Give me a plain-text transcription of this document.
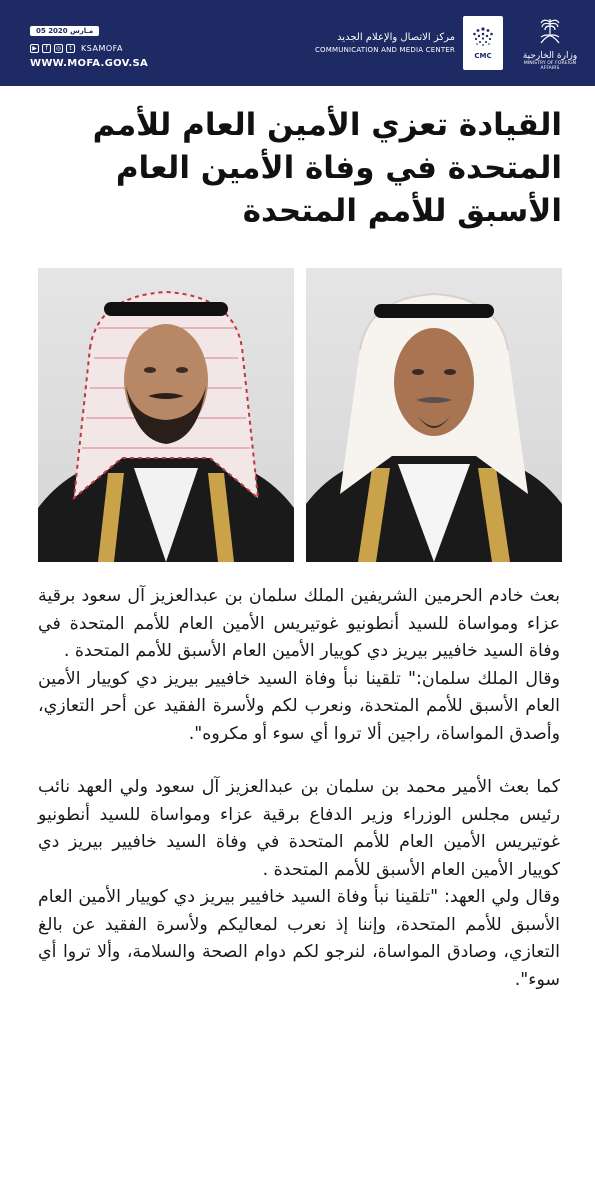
05 مـارس 2020
▶	f	◎	t	KSAMOFA
WWW.MOFA.GOV.SA
مركز الاتصال والإعلام الجديد
COMMUNICATION AND MEDIA CENTER
CMC	وزارة الخارجية
MINISTRY OF FOREIGN AFFAIRS
القيادة تعزي الأمين العام للأمم المتحدة في وفاة الأمين العام الأسبق للأمم المتحدة

بعث خادم الحرمين الشريفين الملك سلمان بن عبدالعزيز آل سعود برقية عزاء ومواساة للسيد أنطونيو غوتيريس الأمين العام للأمم المتحدة في وفاة السيد خافيير بيريز دي كوييار الأمين العام الأسبق للأمم المتحدة .

وقال الملك سلمان:" تلقينا نبأ وفاة السيد خافيير بيريز دي كوييار الأمين العام الأسبق للأمم المتحدة، ونعرب لكم ولأسرة الفقيد عن أحر التعازي، وأصدق المواساة، راجين ألا تروا أي سوء أو مكروه".

كما بعث الأمير محمد بن سلمان بن عبدالعزيز آل سعود ولي العهد نائب رئيس مجلس الوزراء وزير الدفاع برقية عزاء ومواساة للسيد أنطونيو غوتيريس الأمين العام للأمم المتحدة في وفاة السيد خافيير بيريز دي كوييار الأمين العام الأسبق للأمم المتحدة .

وقال ولي العهد: "تلقينا نبأ وفاة السيد خافيير بيريز دي كوييار الأمين العام الأسبق للأمم المتحدة، وإننا إذ نعرب لمعاليكم ولأسرة الفقيد عن بالغ التعازي، وصادق المواساة، لنرجو لكم دوام الصحة والسلامة، وألا تروا أي سوء".
